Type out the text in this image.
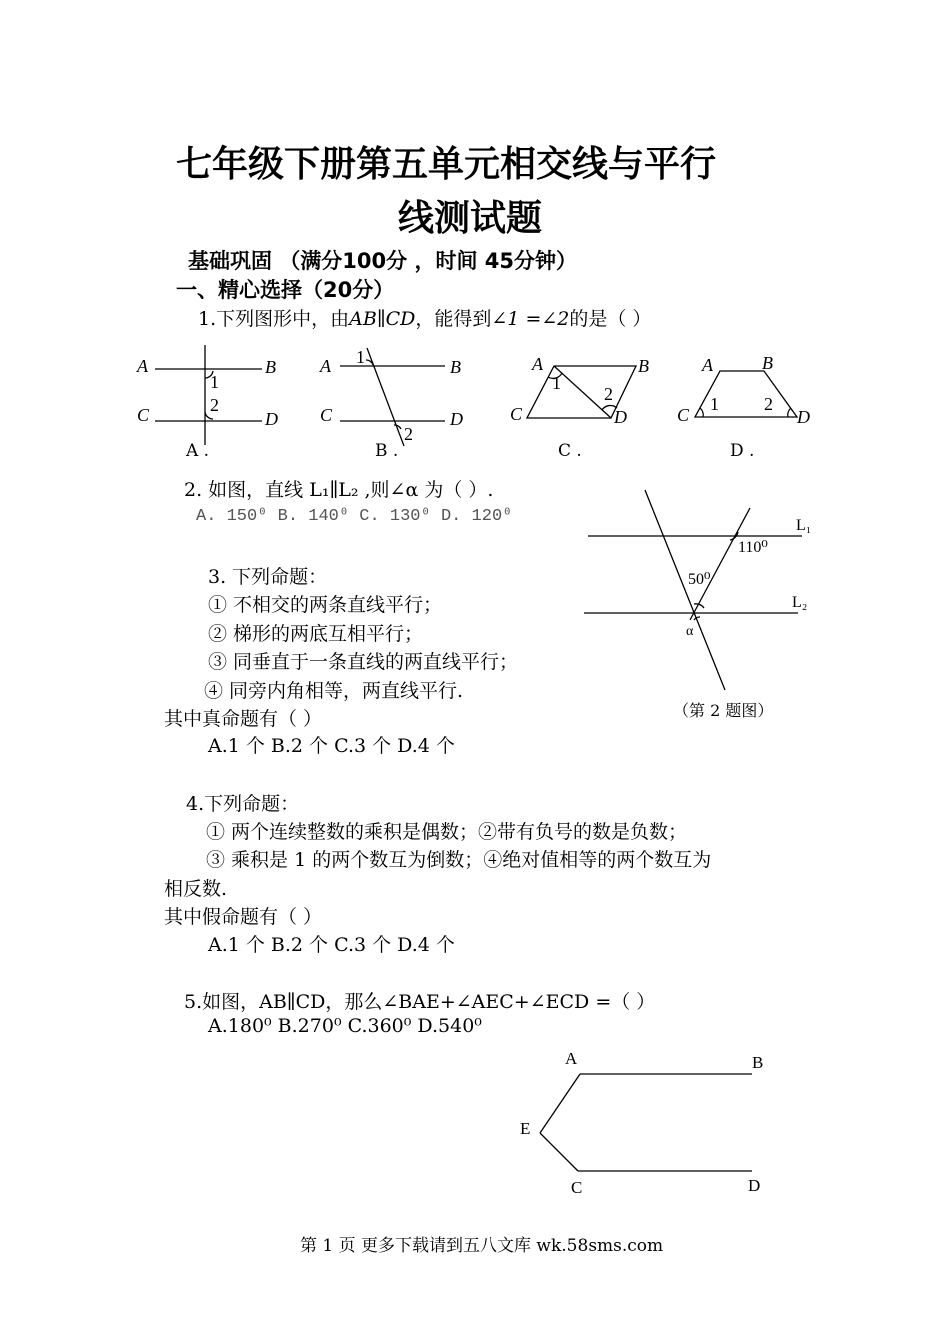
七年级下册第五单元相交线与平行
线测试题
基础巩固 （满分100分 ，时间 45分钟）
一、精心选择（20分）
1.下列图形中，由AB∥CD，能得到∠1 =∠2的是（ ）
A	B
C	D
1
2
A	B
C	D
1
2
A	B
C	D
1
2
A	B
C	D
1	2
A .	B .	C .	D .
2. 如图，直线 L₁∥L₂ ,则∠α 为（ ）.
A. 150⁰ B. 140⁰ C. 130⁰ D. 120⁰	L₁
L₂
110⁰
50⁰
α
（第 2 题图）
3. 下列命题：
① 不相交的两条直线平行；
② 梯形的两底互相平行；
③ 同垂直于一条直线的两直线平行；
④ 同旁内角相等，两直线平行.
其中真命题有（ ）
A.1 个 B.2 个 C.3 个 D.4 个
4.下列命题：
① 两个连续整数的乘积是偶数；②带有负号的数是负数；
③ 乘积是 1 的两个数互为倒数；④绝对值相等的两个数互为
相反数.
其中假命题有（ ）
A.1 个 B.2 个 C.3 个 D.4 个
5.如图，AB∥CD，那么∠BAE+∠AEC+∠ECD =（ ）
A.180⁰ B.270⁰ C.360⁰ D.540⁰
A	B
E
C	D
第 1 页 更多下载请到五八文库 wk.58sms.com
